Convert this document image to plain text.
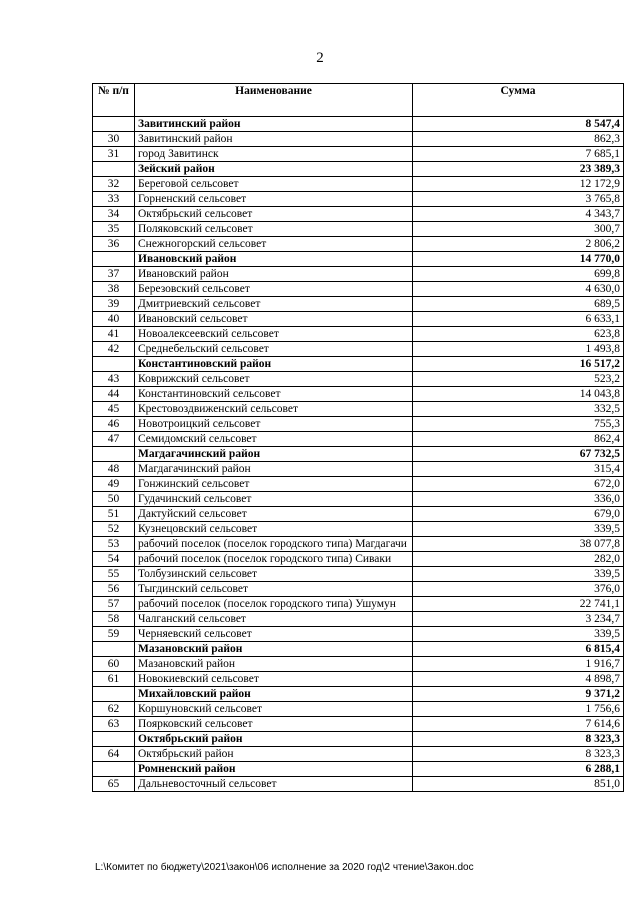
2
№ п/п	Наименование	Сумма
	Завитинский район	8 547,4
30	Завитинский район	862,3
31	город Завитинск	7 685,1
	Зейский район	23 389,3
32	Береговой сельсовет	12 172,9
33	Горненский сельсовет	3 765,8
34	Октябрьский сельсовет	4 343,7
35	Поляковский сельсовет	300,7
36	Снежногорский сельсовет	2 806,2
	Ивановский район	14 770,0
37	Ивановский район	699,8
38	Березовский сельсовет	4 630,0
39	Дмитриевский сельсовет	689,5
40	Ивановский сельсовет	6 633,1
41	Новоалексеевский сельсовет	623,8
42	Среднебельский сельсовет	1 493,8
	Константиновский район	16 517,2
43	Коврижский сельсовет	523,2
44	Константиновский сельсовет	14 043,8
45	Крестовоздвиженский сельсовет	332,5
46	Новотроицкий сельсовет	755,3
47	Семидомский сельсовет	862,4
	Магдагачинский район	67 732,5
48	Магдагачинский район	315,4
49	Гонжинский сельсовет	672,0
50	Гудачинский сельсовет	336,0
51	Дактуйский сельсовет	679,0
52	Кузнецовский сельсовет	339,5
53	рабочий поселок (поселок городского типа) Магдагачи	38 077,8
54	рабочий поселок (поселок городского типа) Сиваки	282,0
55	Толбузинский сельсовет	339,5
56	Тыгдинский сельсовет	376,0
57	рабочий поселок (поселок городского типа) Ушумун	22 741,1
58	Чалганский сельсовет	3 234,7
59	Черняевский сельсовет	339,5
	Мазановский район	6 815,4
60	Мазановский район	1 916,7
61	Новокиевский сельсовет	4 898,7
	Михайловский район	9 371,2
62	Коршуновский сельсовет	1 756,6
63	Поярковский сельсовет	7 614,6
	Октябрьский район	8 323,3
64	Октябрьский район	8 323,3
	Ромненский район	6 288,1
65	Дальневосточный сельсовет	851,0
L:\Комитет по бюджету\2021\закон\06 исполнение за 2020 год\2 чтение\Закон.doc
